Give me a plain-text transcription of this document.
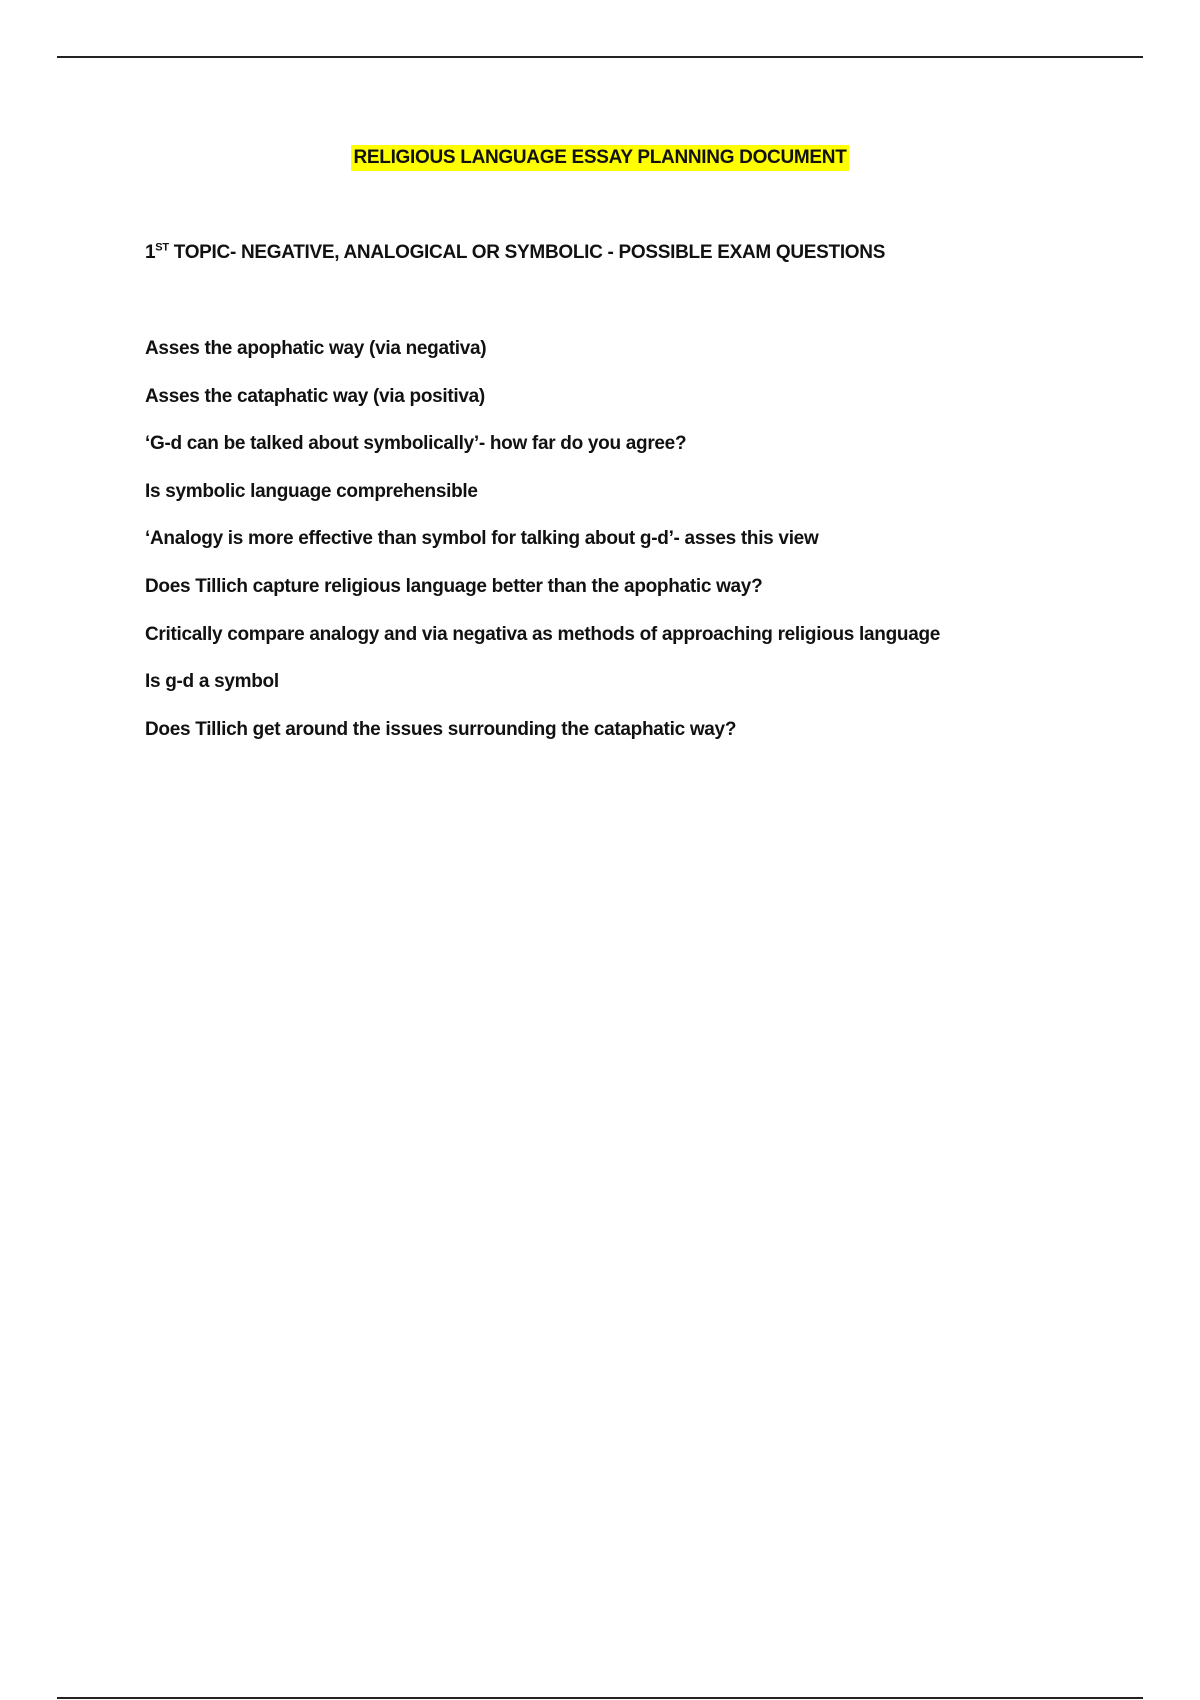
RELIGIOUS LANGUAGE ESSAY PLANNING DOCUMENT
1ST TOPIC- NEGATIVE, ANALOGICAL OR SYMBOLIC - POSSIBLE EXAM QUESTIONS
Asses the apophatic way (via negativa)
Asses the cataphatic way (via positiva)
‘G-d can be talked about symbolically’- how far do you agree?
Is symbolic language comprehensible
‘Analogy is more effective than symbol for talking about g-d’- asses this view
Does Tillich capture religious language better than the apophatic way?
Critically compare analogy and via negativa as methods of approaching religious language
Is g-d a symbol
Does Tillich get around the issues surrounding the cataphatic way?
